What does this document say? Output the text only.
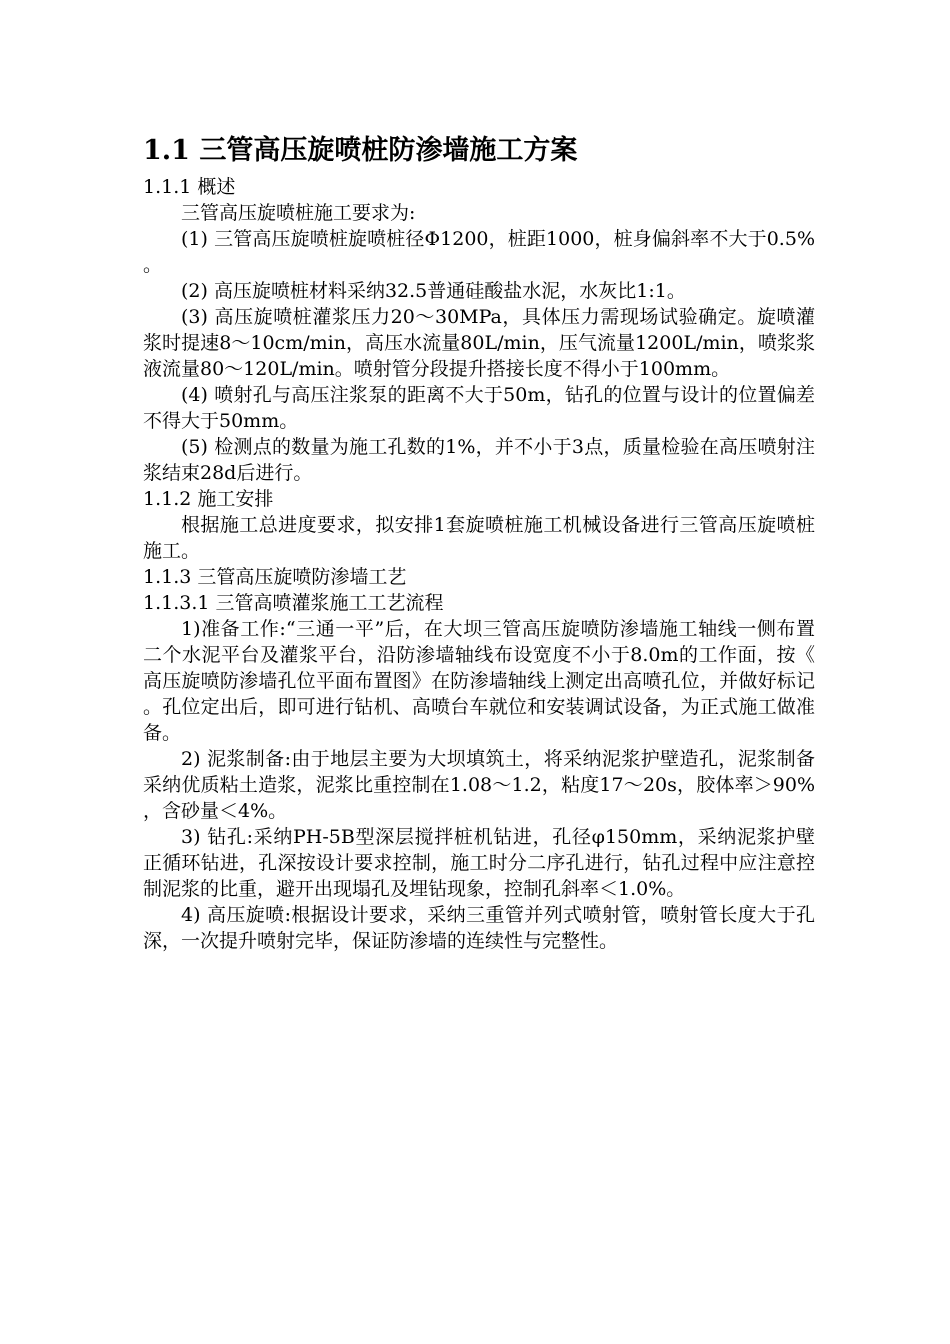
1.1 三管高压旋喷桩防渗墙施工方案
1.1.1 概述

三管高压旋喷桩施工要求为:

(1) 三管高压旋喷桩旋喷桩径Φ1200，桩距1000，桩身偏斜率不大于0.5%。

(2) 高压旋喷桩材料采纳32.5普通硅酸盐水泥，水灰比1:1。

(3) 高压旋喷桩灌浆压力20～30MPa，具体压力需现场试验确定。旋喷灌浆时提速8～10cm/min，高压水流量80L/min，压气流量1200L/min，喷浆浆液流量80～120L/min。喷射管分段提升搭接长度不得小于100mm。

(4) 喷射孔与高压注浆泵的距离不大于50m，钻孔的位置与设计的位置偏差不得大于50mm。

(5) 检测点的数量为施工孔数的1%，并不小于3点，质量检验在高压喷射注浆结束28d后进行。

1.1.2 施工安排

根据施工总进度要求，拟安排1套旋喷桩施工机械设备进行三管高压旋喷桩施工。

1.1.3 三管高压旋喷防渗墙工艺
1.1.3.1 三管高喷灌浆施工工艺流程

1)准备工作:“三通一平”后，在大坝三管高压旋喷防渗墙施工轴线一侧布置二个水泥平台及灌浆平台，沿防渗墙轴线布设宽度不小于8.0m的工作面，按《高压旋喷防渗墙孔位平面布置图》在防渗墙轴线上测定出高喷孔位，并做好标记。孔位定出后，即可进行钻机、高喷台车就位和安装调试设备，为正式施工做准备。

2) 泥浆制备:由于地层主要为大坝填筑土，将采纳泥浆护壁造孔，泥浆制备采纳优质粘土造浆，泥浆比重控制在1.08～1.2，粘度17～20s，胶体率＞90%，含砂量＜4%。

3) 钻孔:采纳PH-5B型深层搅拌桩机钻进，孔径φ150mm，采纳泥浆护壁正循环钻进，孔深按设计要求控制，施工时分二序孔进行，钻孔过程中应注意控制泥浆的比重，避开出现塌孔及埋钻现象，控制孔斜率＜1.0%。

4) 高压旋喷:根据设计要求，采纳三重管并列式喷射管，喷射管长度大于孔深，一次提升喷射完毕，保证防渗墙的连续性与完整性。
